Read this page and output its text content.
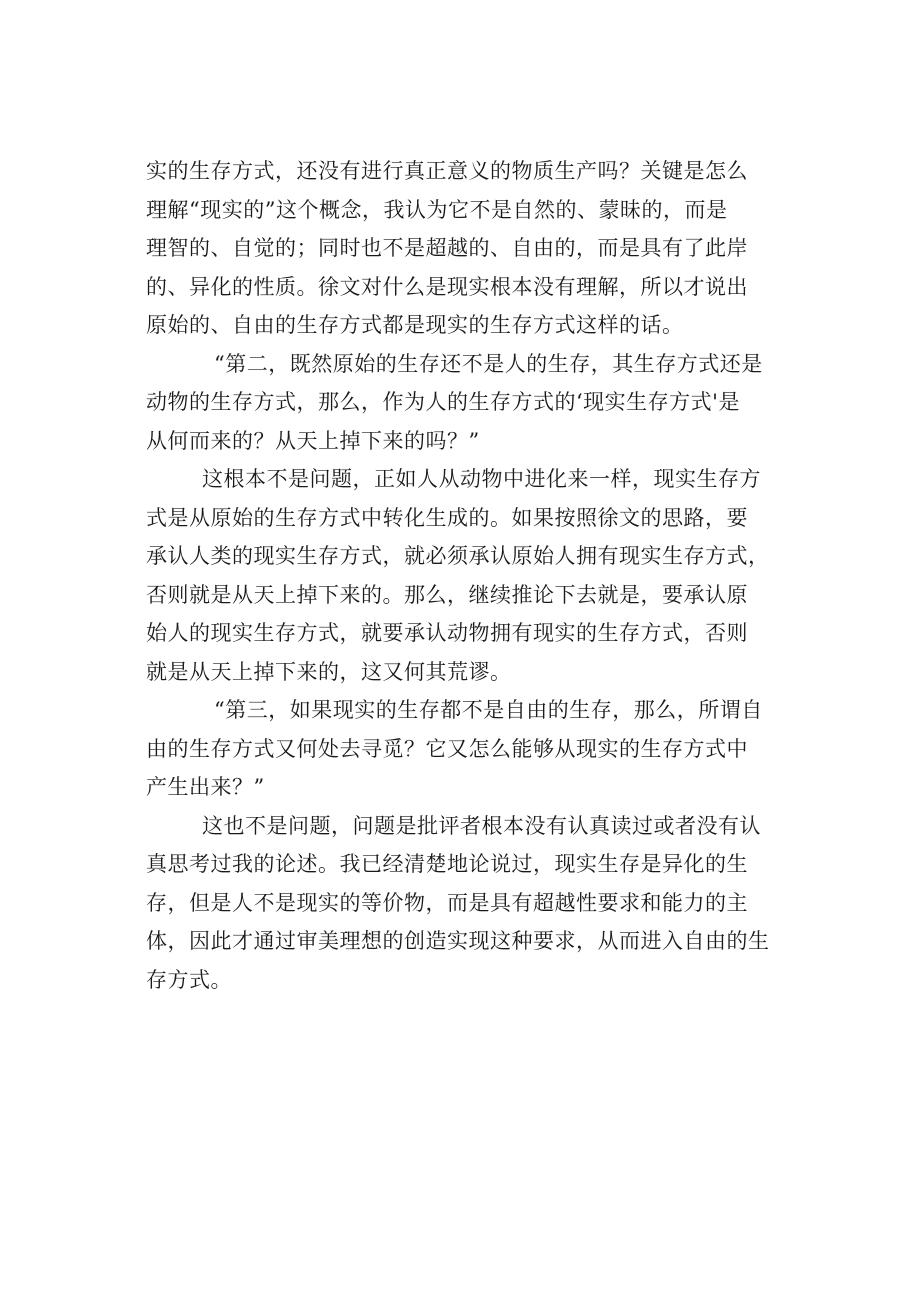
实的生存方式，还没有进行真正意义的物质生产吗？关键是怎么
理解“现实的”这个概念，我认为它不是自然的、蒙昧的，而是
理智的、自觉的；同时也不是超越的、自由的，而是具有了此岸
的、异化的性质。徐文对什么是现实根本没有理解，所以才说出
原始的、自由的生存方式都是现实的生存方式这样的话。
“第二，既然原始的生存还不是人的生存，其生存方式还是
动物的生存方式，那么，作为人的生存方式的‘现实生存方式'是
从何而来的？从天上掉下来的吗？”
这根本不是问题，正如人从动物中进化来一样，现实生存方
式是从原始的生存方式中转化生成的。如果按照徐文的思路，要
承认人类的现实生存方式，就必须承认原始人拥有现实生存方式，
否则就是从天上掉下来的。那么，继续推论下去就是，要承认原
始人的现实生存方式，就要承认动物拥有现实的生存方式，否则
就是从天上掉下来的，这又何其荒谬。
“第三，如果现实的生存都不是自由的生存，那么，所谓自
由的生存方式又何处去寻觅？它又怎么能够从现实的生存方式中
产生出来？”
这也不是问题，问题是批评者根本没有认真读过或者没有认
真思考过我的论述。我已经清楚地论说过，现实生存是异化的生
存，但是人不是现实的等价物，而是具有超越性要求和能力的主
体，因此才通过审美理想的创造实现这种要求，从而进入自由的生
存方式。
